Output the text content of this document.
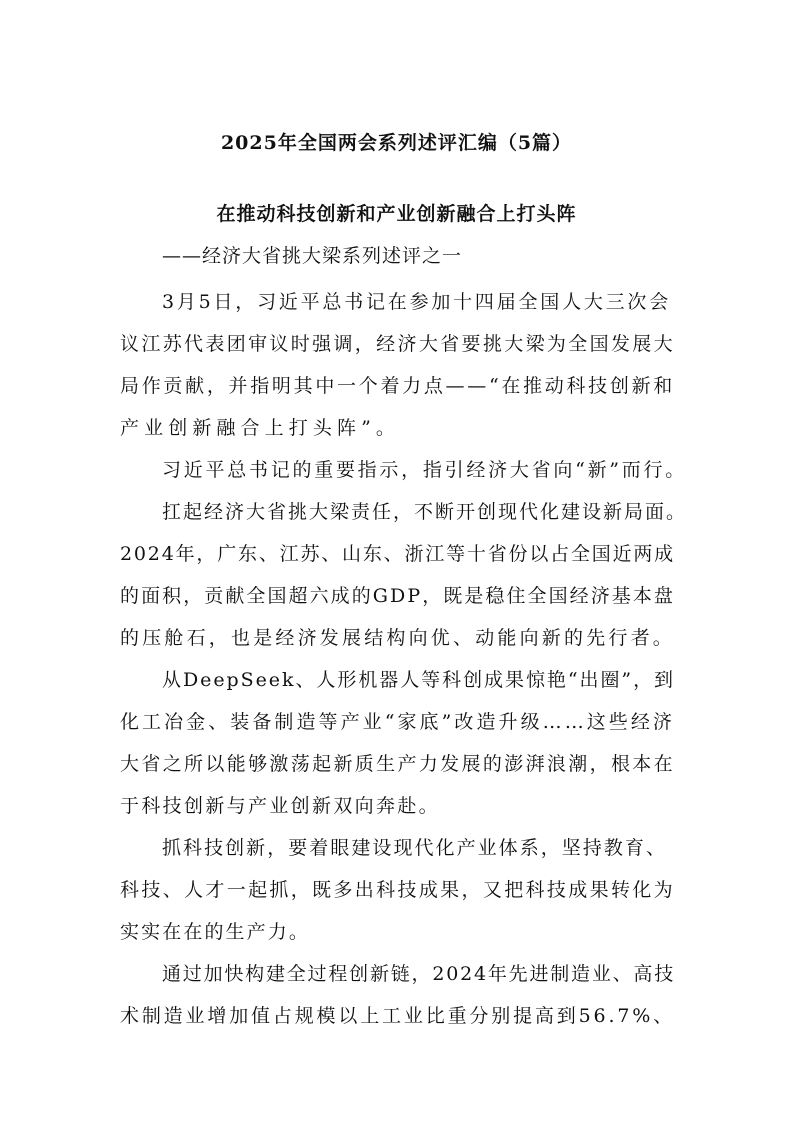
2025年全国两会系列述评汇编（5篇）
在推动科技创新和产业创新融合上打头阵
——经济大省挑大梁系列述评之一
3月5日，习近平总书记在参加十四届全国人大三次会
议江苏代表团审议时强调，经济大省要挑大梁为全国发展大
局作贡献，并指明其中一个着力点——“在推动科技创新和
产业创新融合上打头阵”。
习近平总书记的重要指示，指引经济大省向“新”而行。
扛起经济大省挑大梁责任，不断开创现代化建设新局面。
2024年，广东、江苏、山东、浙江等十省份以占全国近两成
的面积，贡献全国超六成的GDP，既是稳住全国经济基本盘
的压舱石，也是经济发展结构向优、动能向新的先行者。
从DeepSeek、人形机器人等科创成果惊艳“出圈”，到
化工冶金、装备制造等产业“家底”改造升级……这些经济
大省之所以能够激荡起新质生产力发展的澎湃浪潮，根本在
于科技创新与产业创新双向奔赴。
抓科技创新，要着眼建设现代化产业体系，坚持教育、
科技、人才一起抓，既多出科技成果，又把科技成果转化为
实实在在的生产力。
通过加快构建全过程创新链，2024年先进制造业、高技
术制造业增加值占规模以上工业比重分别提高到56.7%、
